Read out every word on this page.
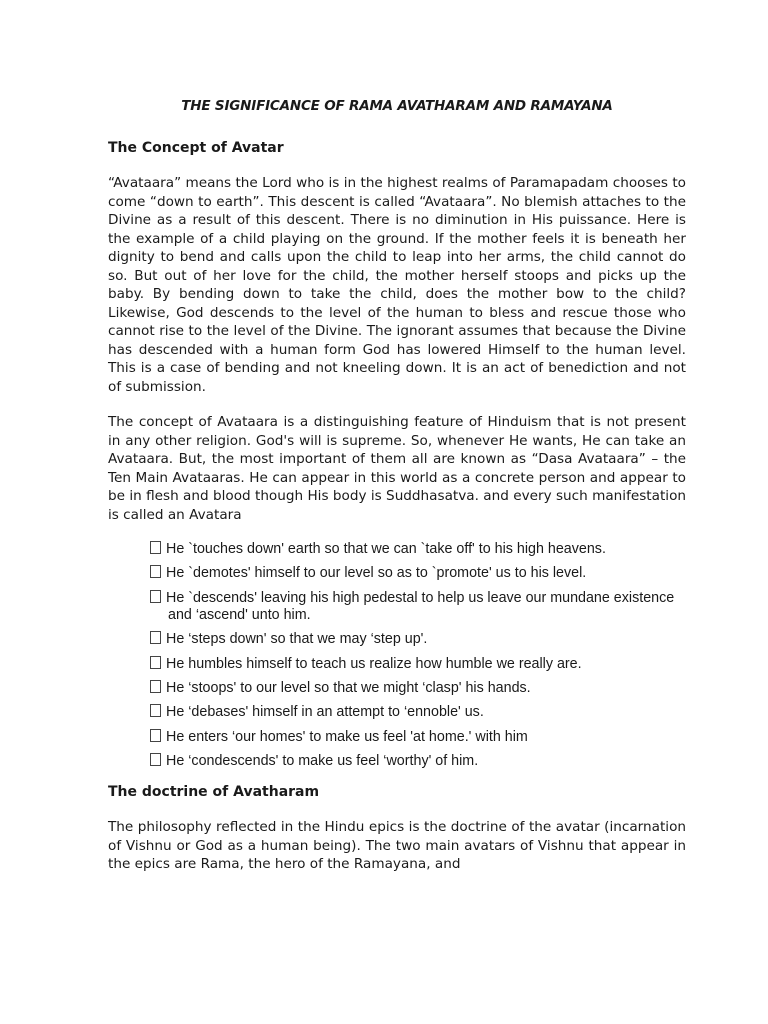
THE SIGNIFICANCE OF RAMA AVATHARAM AND RAMAYANA
The Concept of Avatar

“Avataara” means the Lord who is in the highest realms of Paramapadam chooses to come “down to earth”. This descent is called “Avataara”. No blemish attaches to the Divine as a result of this descent. There is no diminution in His puissance. Here is the example of a child playing on the ground. If the mother feels it is beneath her dignity to bend and calls upon the child to leap into her arms, the child cannot do so. But out of her love for the child, the mother herself stoops and picks up the baby. By bending down to take the child, does the mother bow to the child? Likewise, God descends to the level of the human to bless and rescue those who cannot rise to the level of the Divine. The ignorant assumes that because the Divine has descended with a human form God has lowered Himself to the human level. This is a case of bending and not kneeling down. It is an act of benediction and not of submission.

The concept of Avataara is a distinguishing feature of Hinduism that is not present in any other religion. God's will is supreme. So, whenever He wants, He can take an Avataara. But, the most important of them all are known as “Dasa Avataara” – the Ten Main Avataaras. He can appear in this world as a concrete person and appear to be in flesh and blood though His body is Suddhasatva. and every such manifestation is called an Avatara

He `touches down' earth so that we can `take off' to his high heavens.
He `demotes' himself to our level so as to `promote' us to his level.
He `descends' leaving his high pedestal to help us leave our mundane existence and ‘ascend' unto him.
He ‘steps down' so that we may ‘step up'.
He humbles himself to teach us realize how humble we really are.
He ‘stoops' to our level so that we might ‘clasp' his hands.
He ‘debases' himself in an attempt to ‘ennoble' us.
He enters ‘our homes' to make us feel 'at home.' with him
He ‘condescends' to make us feel ‘worthy' of him.
The doctrine of Avatharam

The philosophy reflected in the Hindu epics is the doctrine of the avatar (incarnation of Vishnu or God as a human being). The two main avatars of Vishnu that appear in the epics are Rama, the hero of the Ramayana, and
